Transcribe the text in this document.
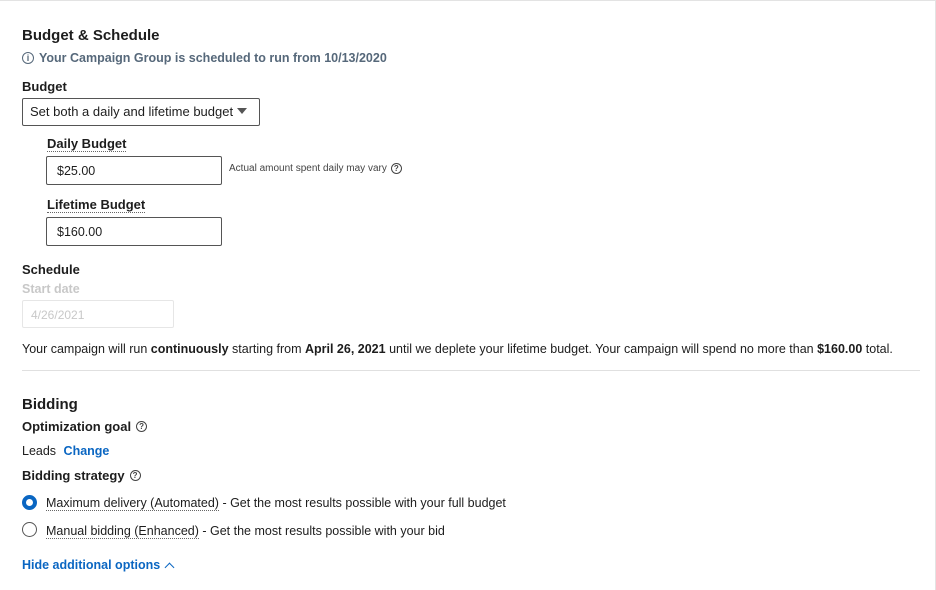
Budget & Schedule
i Your Campaign Group is scheduled to run from 10/13/2020
Budget
Set both a daily and lifetime budget
Daily Budget
$25.00	Actual amount spent daily may vary ?
Lifetime Budget
$160.00
Schedule
Start date
4/26/2021
Your campaign will run continuously starting from April 26, 2021 until we deplete your lifetime budget. Your campaign will spend no more than $160.00 total.
Bidding
Optimization goal	?
Leads Change
Bidding strategy	?
Maximum delivery (Automated) - Get the most results possible with your full budget
Manual bidding (Enhanced) - Get the most results possible with your bid
Hide additional options
